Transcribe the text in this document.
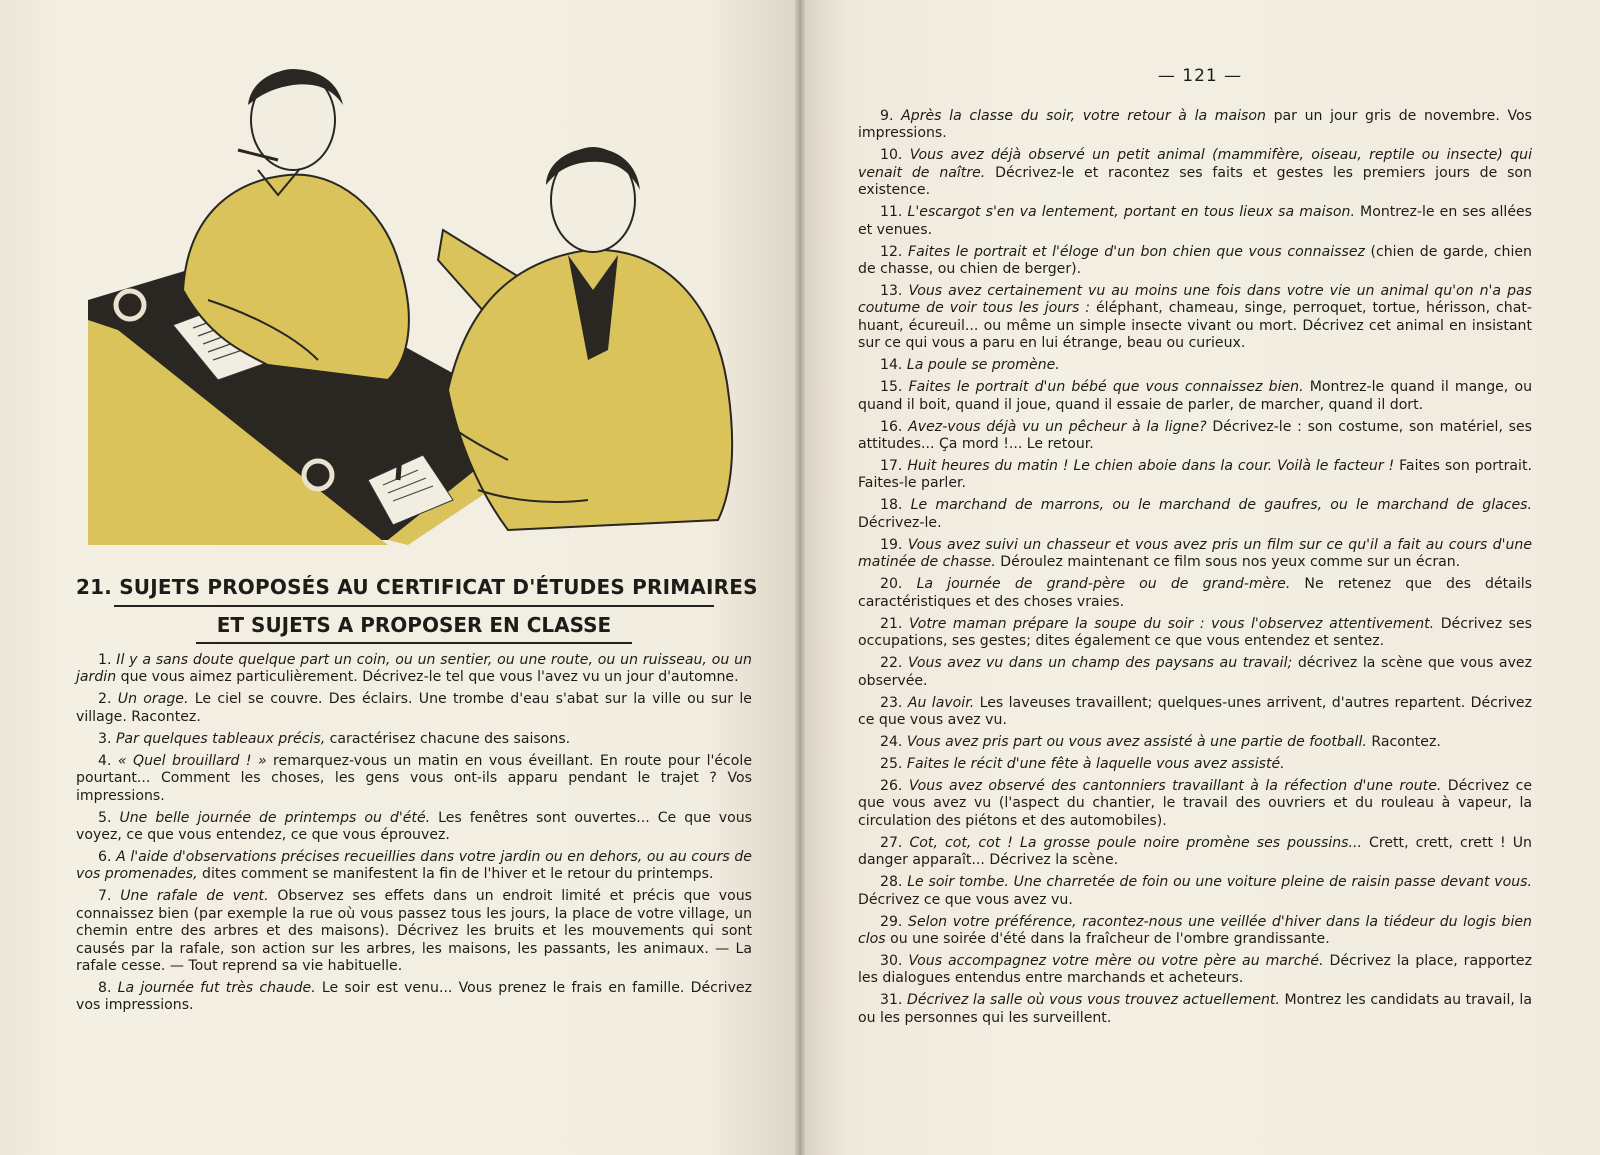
21. SUJETS PROPOSÉS AU CERTIFICAT D'ÉTUDES PRIMAIRES
ET SUJETS A PROPOSER EN CLASSE

1. Il y a sans doute quelque part un coin, ou un sentier, ou une route, ou un ruisseau, ou un jardin que vous aimez particulièrement. Décrivez-le tel que vous l'avez vu un jour d'automne.

2. Un orage. Le ciel se couvre. Des éclairs. Une trombe d'eau s'abat sur la ville ou sur le village. Racontez.

3. Par quelques tableaux précis, caractérisez chacune des saisons.

4. « Quel brouillard ! » remarquez-vous un matin en vous éveillant. En route pour l'école pourtant... Comment les choses, les gens vous ont-ils apparu pendant le trajet ? Vos impressions.

5. Une belle journée de printemps ou d'été. Les fenêtres sont ouvertes... Ce que vous voyez, ce que vous entendez, ce que vous éprouvez.

6. A l'aide d'observations précises recueillies dans votre jardin ou en dehors, ou au cours de vos promenades, dites comment se manifestent la fin de l'hiver et le retour du printemps.

7. Une rafale de vent. Observez ses effets dans un endroit limité et précis que vous connaissez bien (par exemple la rue où vous passez tous les jours, la place de votre village, un chemin entre des arbres et des maisons). Décrivez les bruits et les mouvements qui sont causés par la rafale, son action sur les arbres, les maisons, les passants, les animaux. — La rafale cesse. — Tout reprend sa vie habituelle.

8. La journée fut très chaude. Le soir est venu... Vous prenez le frais en famille. Décrivez vos impressions.

— 121 —

9. Après la classe du soir, votre retour à la maison par un jour gris de novembre. Vos impressions.

10. Vous avez déjà observé un petit animal (mammifère, oiseau, reptile ou insecte) qui venait de naître. Décrivez-le et racontez ses faits et gestes les premiers jours de son existence.

11. L'escargot s'en va lentement, portant en tous lieux sa maison. Montrez-le en ses allées et venues.

12. Faites le portrait et l'éloge d'un bon chien que vous connaissez (chien de garde, chien de chasse, ou chien de berger).

13. Vous avez certainement vu au moins une fois dans votre vie un animal qu'on n'a pas coutume de voir tous les jours : éléphant, chameau, singe, perroquet, tortue, hérisson, chat-huant, écureuil... ou même un simple insecte vivant ou mort. Décrivez cet animal en insistant sur ce qui vous a paru en lui étrange, beau ou curieux.

14. La poule se promène.

15. Faites le portrait d'un bébé que vous connaissez bien. Montrez-le quand il mange, ou quand il boit, quand il joue, quand il essaie de parler, de marcher, quand il dort.

16. Avez-vous déjà vu un pêcheur à la ligne? Décrivez-le : son costume, son matériel, ses attitudes... Ça mord !... Le retour.

17. Huit heures du matin ! Le chien aboie dans la cour. Voilà le facteur ! Faites son portrait. Faites-le parler.

18. Le marchand de marrons, ou le marchand de gaufres, ou le marchand de glaces. Décrivez-le.

19. Vous avez suivi un chasseur et vous avez pris un film sur ce qu'il a fait au cours d'une matinée de chasse. Déroulez maintenant ce film sous nos yeux comme sur un écran.

20. La journée de grand-père ou de grand-mère. Ne retenez que des détails caractéristiques et des choses vraies.

21. Votre maman prépare la soupe du soir : vous l'observez attentivement. Décrivez ses occupations, ses gestes; dites également ce que vous entendez et sentez.

22. Vous avez vu dans un champ des paysans au travail; décrivez la scène que vous avez observée.

23. Au lavoir. Les laveuses travaillent; quelques-unes arrivent, d'autres repartent. Décrivez ce que vous avez vu.

24. Vous avez pris part ou vous avez assisté à une partie de football. Racontez.

25. Faites le récit d'une fête à laquelle vous avez assisté.

26. Vous avez observé des cantonniers travaillant à la réfection d'une route. Décrivez ce que vous avez vu (l'aspect du chantier, le travail des ouvriers et du rouleau à vapeur, la circulation des piétons et des automobiles).

27. Cot, cot, cot ! La grosse poule noire promène ses poussins... Crett, crett, crett ! Un danger apparaît... Décrivez la scène.

28. Le soir tombe. Une charretée de foin ou une voiture pleine de raisin passe devant vous. Décrivez ce que vous avez vu.

29. Selon votre préférence, racontez-nous une veillée d'hiver dans la tiédeur du logis bien clos ou une soirée d'été dans la fraîcheur de l'ombre grandissante.

30. Vous accompagnez votre mère ou votre père au marché. Décrivez la place, rapportez les dialogues entendus entre marchands et acheteurs.

31. Décrivez la salle où vous vous trouvez actuellement. Montrez les candidats au travail, la ou les personnes qui les surveillent.
